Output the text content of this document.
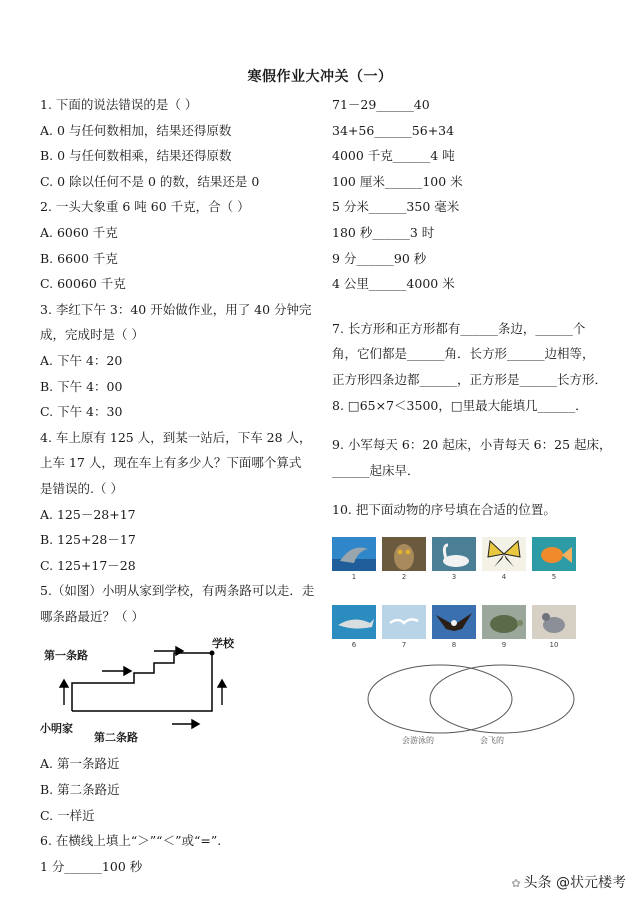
寒假作业大冲关（一）
1. 下面的说法错误的是（ ）
A. 0 与任何数相加，结果还得原数
B. 0 与任何数相乘，结果还得原数
C. 0 除以任何不是 0 的数，结果还是 0
2. 一头大象重 6 吨 60 千克，合（ ）
A. 6060 千克
B. 6600 千克
C. 60060 千克
3. 李红下午 3：40 开始做作业，用了 40 分钟完
成，完成时是（ ）
A. 下午 4：20
B. 下午 4：00
C. 下午 4：30
4. 车上原有 125 人，到某一站后，下车 28 人，
上车 17 人，现在车上有多少人？下面哪个算式
是错误的.（ ）
A. 125－28+17
B. 125+28－17
C. 125+17－28
5.（如图）小明从家到学校，有两条路可以走．走
哪条路最近？（ ）
第一条路
学校
小明家
第二条路
A. 第一条路近
B. 第二条路近
C. 一样近
6. 在横线上填上“＞”“＜”或“=”.
1 分______100 秒
71－29______40
34+56______56+34
4000 千克______4 吨
100 厘米______100 米
5 分米______350 毫米
180 秒______3 时
9 分______90 秒
4 公里______4000 米
7. 长方形和正方形都有______条边，______个
角，它们都是______角．长方形______边相等，
正方形四条边都______，正方形是______长方形．
8. □65×7＜3500，□里最大能填几______．
9. 小军每天 6：20 起床，小青每天 6：25 起床，
______起床早．
10. 把下面动物的序号填在合适的位置。
1	2	3	4	5
6	7	8	9	10
会游泳的	会飞的
✿ 头条 @状元楼考
